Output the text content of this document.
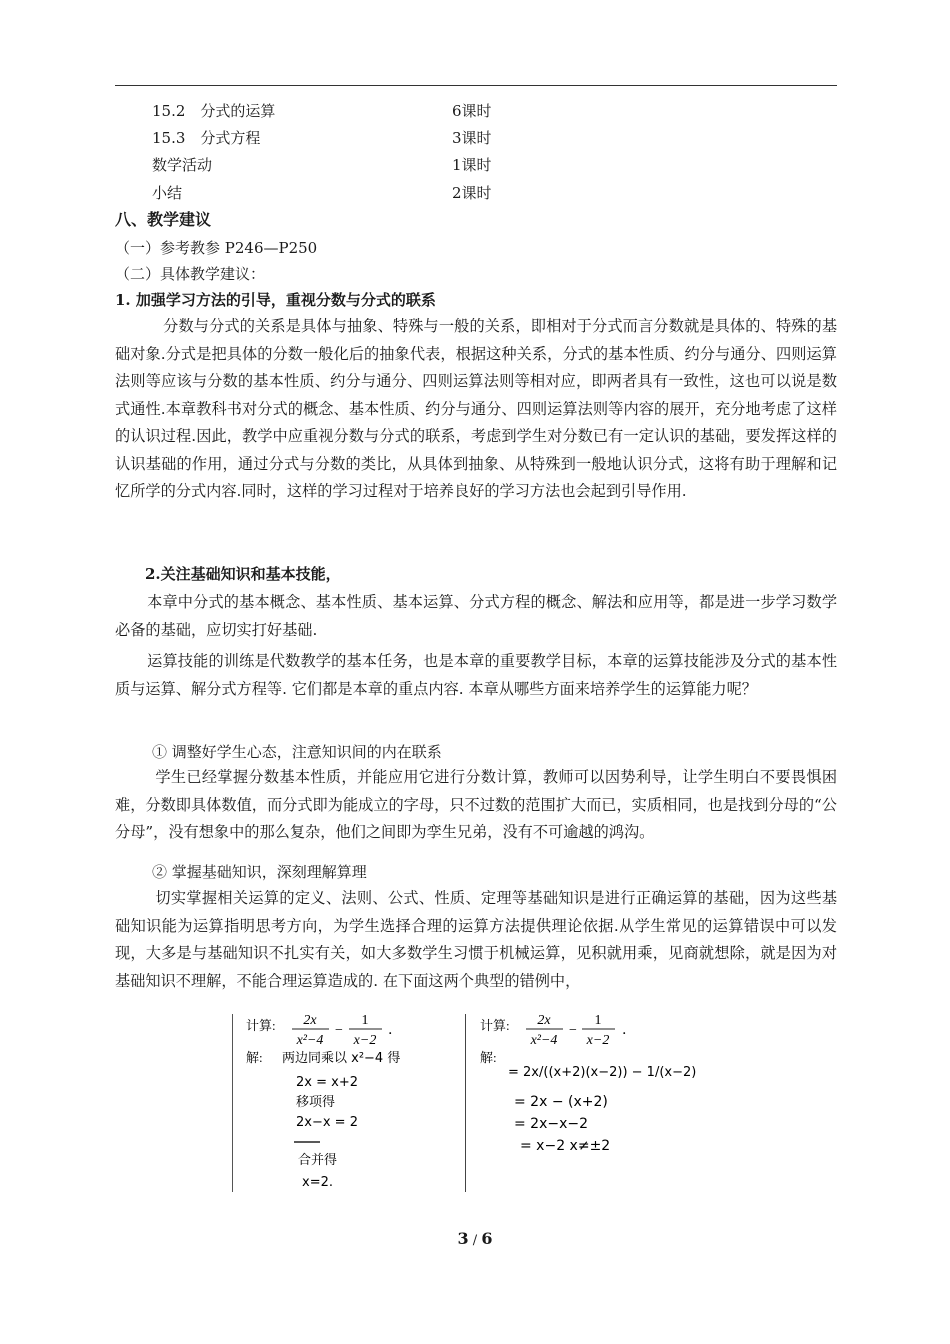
15.2　分式的运算	6课时
15.3　分式方程	3课时
数学活动	1课时
小结	2课时
八、教学建议
（一）参考教参 P246—P250
（二）具体教学建议：
1. 加强学习方法的引导，重视分数与分式的联系
分数与分式的关系是具体与抽象、特殊与一般的关系，即相对于分式而言分数就是具体的、特殊的基础对象.分式是把具体的分数一般化后的抽象代表，根据这种关系，分式的基本性质、约分与通分、四则运算法则等应该与分数的基本性质、约分与通分、四则运算法则等相对应，即两者具有一致性，这也可以说是数式通性.本章教科书对分式的概念、基本性质、约分与通分、四则运算法则等内容的展开，充分地考虑了这样的认识过程.因此，教学中应重视分数与分式的联系，考虑到学生对分数已有一定认识的基础，要发挥这样的认识基础的作用，通过分式与分数的类比，从具体到抽象、从特殊到一般地认识分式，这将有助于理解和记忆所学的分式内容.同时，这样的学习过程对于培养良好的学习方法也会起到引导作用.
2.关注基础知识和基本技能，
本章中分式的基本概念、基本性质、基本运算、分式方程的概念、解法和应用等，都是进一步学习数学必备的基础，应切实打好基础.
运算技能的训练是代数教学的基本任务，也是本章的重要教学目标，本章的运算技能涉及分式的基本性质与运算、解分式方程等. 它们都是本章的重点内容. 本章从哪些方面来培养学生的运算能力呢？
① 调整好学生心态，注意知识间的内在联系
学生已经掌握分数基本性质，并能应用它进行分数计算，教师可以因势利导，让学生明白不要畏惧困难，分数即具体数值，而分式即为能成立的字母，只不过数的范围扩大而已，实质相同，也是找到分母的“公分母”，没有想象中的那么复杂，他们之间即为孪生兄弟，没有不可逾越的鸿沟。
② 掌握基础知识，深刻理解算理
切实掌握相关运算的定义、法则、公式、性质、定理等基础知识是进行正确运算的基础，因为这些基础知识能为运算指明思考方向，为学生选择合理的运算方法提供理论依据.从学生常见的运算错误中可以发现，大多是与基础知识不扎实有关，如大多数学生习惯于机械运算，见积就用乘，见商就想除，就是因为对基础知识不理解，不能合理运算造成的. 在下面这两个典型的错例中，
计算: 2x
x²−4
−
1
x−2
.
解: 两边同乘以 x²−4 得
2x = x+2
移项得
2x−x = 2
合并得
x=2.
计算: 2x
x²−4
−
1
x−2
.
解:
= 2x/((x+2)(x−2)) − 1/(x−2)
= 2x − (x+2)
= 2x−x−2
= x−2 x≠±2
3 / 6
